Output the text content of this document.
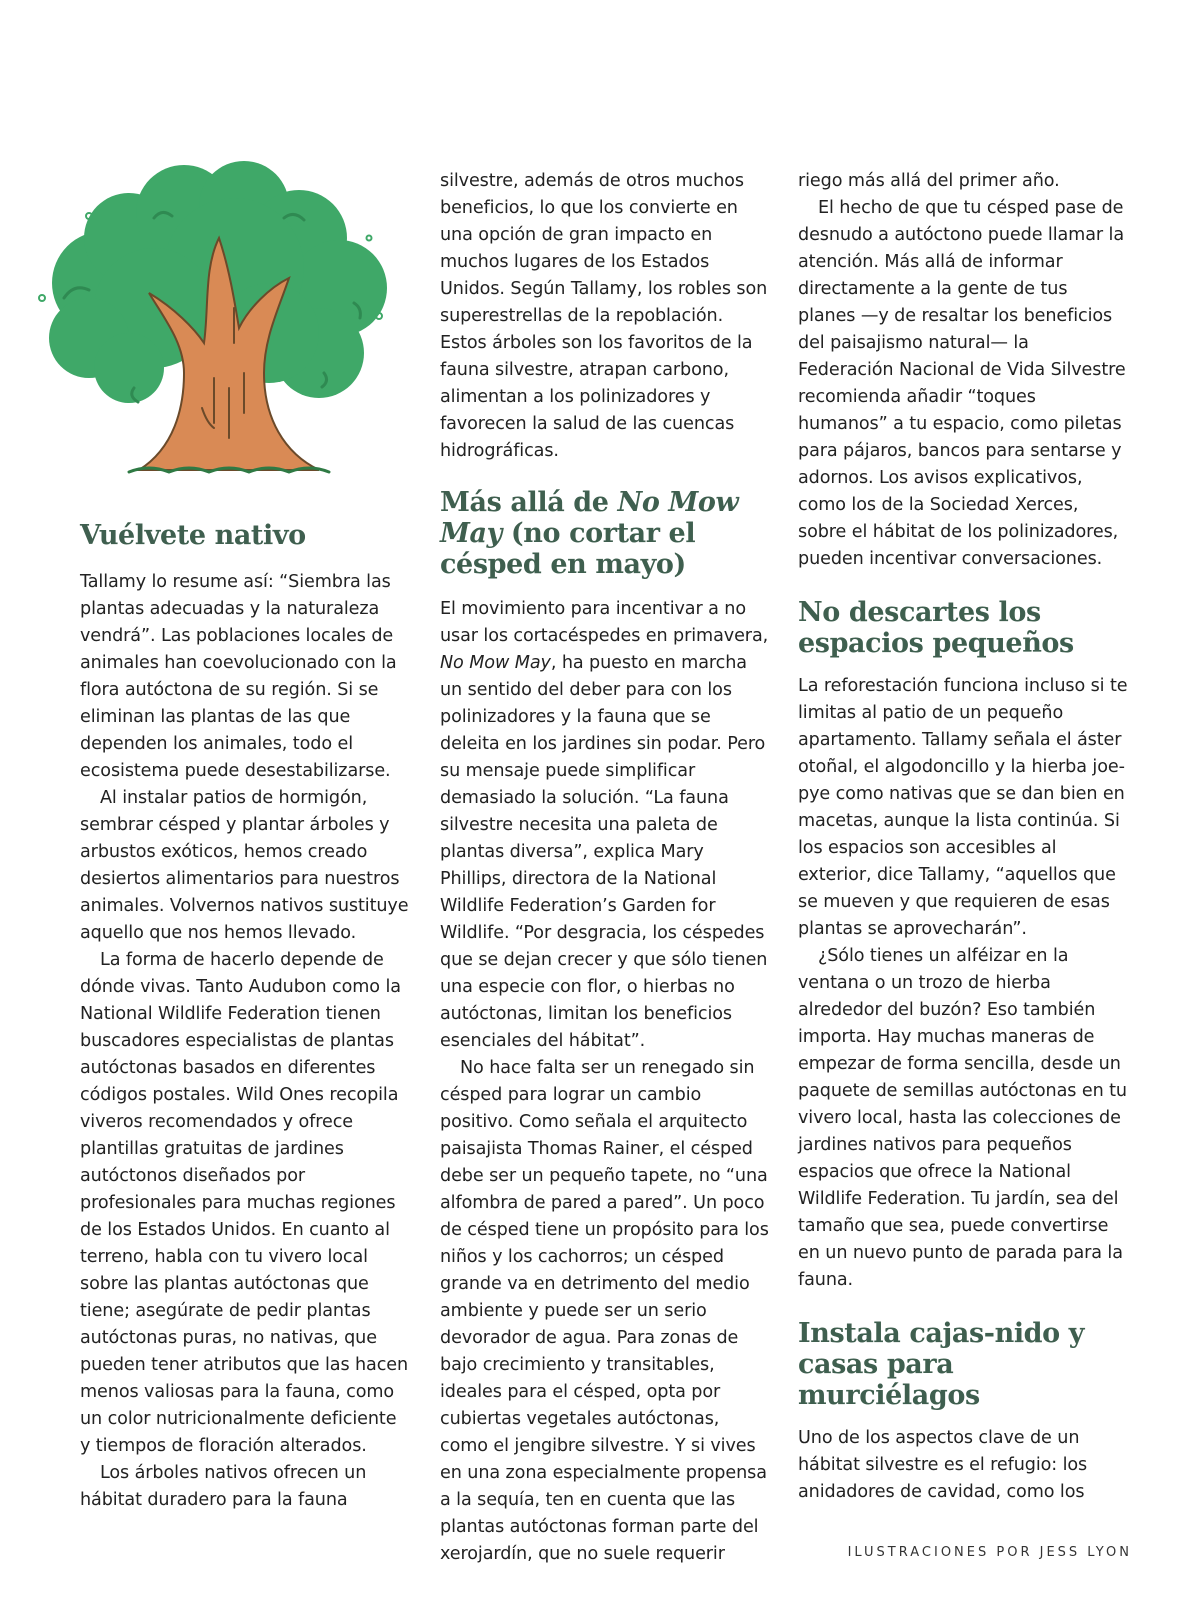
Vuélvete nativo

Tallamy lo resume así: “Siembra las plantas adecuadas y la naturaleza vendrá”. Las poblaciones locales de animales han coevolucionado con la flora autóctona de su región. Si se eliminan las plantas de las que dependen los animales, todo el ecosistema puede desestabilizarse.

Al instalar patios de hormigón, sembrar césped y plantar árboles y arbustos exóticos, hemos creado desiertos alimentarios para nuestros animales. Volvernos nativos sustituye aquello que nos hemos llevado.

La forma de hacerlo depende de dónde vivas. Tanto Audubon como la National Wildlife Federation tienen buscadores especialistas de plantas autóctonas basados en diferentes códigos postales. Wild Ones recopila viveros recomendados y ofrece plantillas gratuitas de jardines autóctonos diseñados por profesionales para muchas regiones de los Estados Unidos. En cuanto al terreno, habla con tu vivero local sobre las plantas autóctonas que tiene; asegúrate de pedir plantas autóctonas puras, no nativas, que pueden tener atributos que las hacen menos valiosas para la fauna, como un color nutricionalmente deficiente y tiempos de floración alterados.

Los árboles nativos ofrecen un hábitat duradero para la fauna

silvestre, además de otros muchos beneficios, lo que los convierte en una opción de gran impacto en muchos lugares de los Estados Unidos. Según Tallamy, los robles son superestrellas de la repoblación. Estos árboles son los favoritos de la fauna silvestre, atrapan carbono, alimentan a los polinizadores y favorecen la salud de las cuencas hidrográficas.

Más allá de No Mow May (no cortar el césped en mayo)

El movimiento para incentivar a no usar los cortacéspedes en primavera, No Mow May, ha puesto en marcha un sentido del deber para con los polinizadores y la fauna que se deleita en los jardines sin podar. Pero su mensaje puede simplificar demasiado la solución. “La fauna silvestre necesita una paleta de plantas diversa”, explica Mary Phillips, directora de la National Wildlife Federation’s Garden for Wildlife. “Por desgracia, los céspedes que se dejan crecer y que sólo tienen una especie con flor, o hierbas no autóctonas, limitan los beneficios esenciales del hábitat”.

No hace falta ser un renegado sin césped para lograr un cambio positivo. Como señala el arquitecto paisajista Thomas Rainer, el césped debe ser un pequeño tapete, no “una alfombra de pared a pared”. Un poco de césped tiene un propósito para los niños y los cachorros; un césped grande va en detrimento del medio ambiente y puede ser un serio devorador de agua. Para zonas de bajo crecimiento y transitables, ideales para el césped, opta por cubiertas vegetales autóctonas, como el jengibre silvestre. Y si vives en una zona especialmente propensa a la sequía, ten en cuenta que las plantas autóctonas forman parte del xerojardín, que no suele requerir

riego más allá del primer año.

El hecho de que tu césped pase de desnudo a autóctono puede llamar la atención. Más allá de informar directamente a la gente de tus planes —y de resaltar los beneficios del paisajismo natural— la Federación Nacional de Vida Silvestre recomienda añadir “toques humanos” a tu espacio, como piletas para pájaros, bancos para sentarse y adornos. Los avisos explicativos, como los de la Sociedad Xerces, sobre el hábitat de los polinizadores, pueden incentivar conversaciones.

No descartes los espacios pequeños

La reforestación funciona incluso si te limitas al patio de un pequeño apartamento. Tallamy señala el áster otoñal, el algodoncillo y la hierba joe-pye como nativas que se dan bien en macetas, aunque la lista continúa. Si los espacios son accesibles al exterior, dice Tallamy, “aquellos que se mueven y que requieren de esas plantas se aprovecharán”.

¿Sólo tienes un alféizar en la ventana o un trozo de hierba alrededor del buzón? Eso también importa. Hay muchas maneras de empezar de forma sencilla, desde un paquete de semillas autóctonas en tu vivero local, hasta las colecciones de jardines nativos para pequeños espacios que ofrece la National Wildlife Federation. Tu jardín, sea del tamaño que sea, puede convertirse en un nuevo punto de parada para la fauna.

Instala cajas-nido y casas para murciélagos

Uno de los aspectos clave de un hábitat silvestre es el refugio: los anidadores de cavidad, como los

ILUSTRACIONES POR JESS LYON
